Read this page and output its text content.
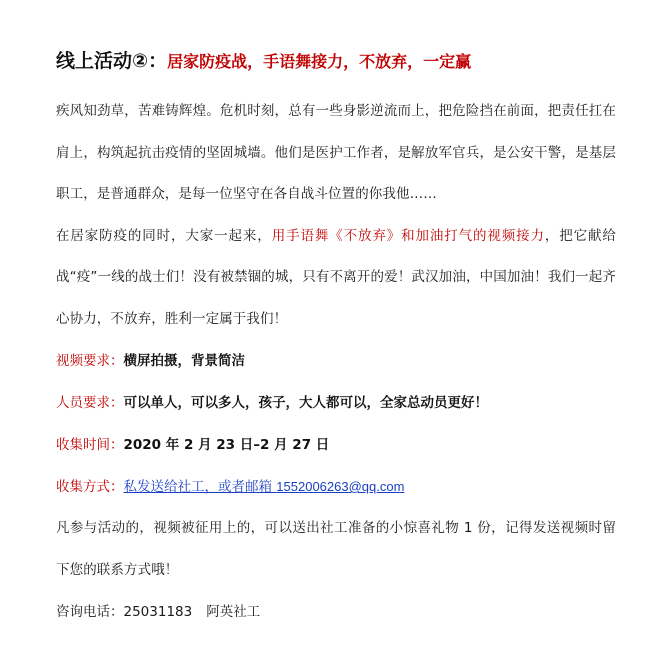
线上活动②：居家防疫战，手语舞接力，不放弃，一定赢

疾风知劲草，苦难铸辉煌。危机时刻，总有一些身影逆流而上，把危险挡在前面，把责任扛在肩上，构筑起抗击疫情的坚固城墙。他们是医护工作者，是解放军官兵，是公安干警，是基层职工，是普通群众，是每一位坚守在各自战斗位置的你我他……

在居家防疫的同时，大家一起来，用手语舞《不放弃》和加油打气的视频接力，把它献给战“疫”一线的战士们！没有被禁锢的城，只有不离开的爱！武汉加油，中国加油！我们一起齐心协力，不放弃，胜利一定属于我们！

视频要求：横屏拍摄，背景简洁

人员要求：可以单人，可以多人，孩子，大人都可以，全家总动员更好！

收集时间：2020 年 2 月 23 日–2 月 27 日

收集方式：私发送给社工，或者邮箱 1552006263@qq.com

凡参与活动的，视频被征用上的，可以送出社工准备的小惊喜礼物 1 份，记得发送视频时留下您的联系方式哦！

咨询电话：25031183 阿英社工
